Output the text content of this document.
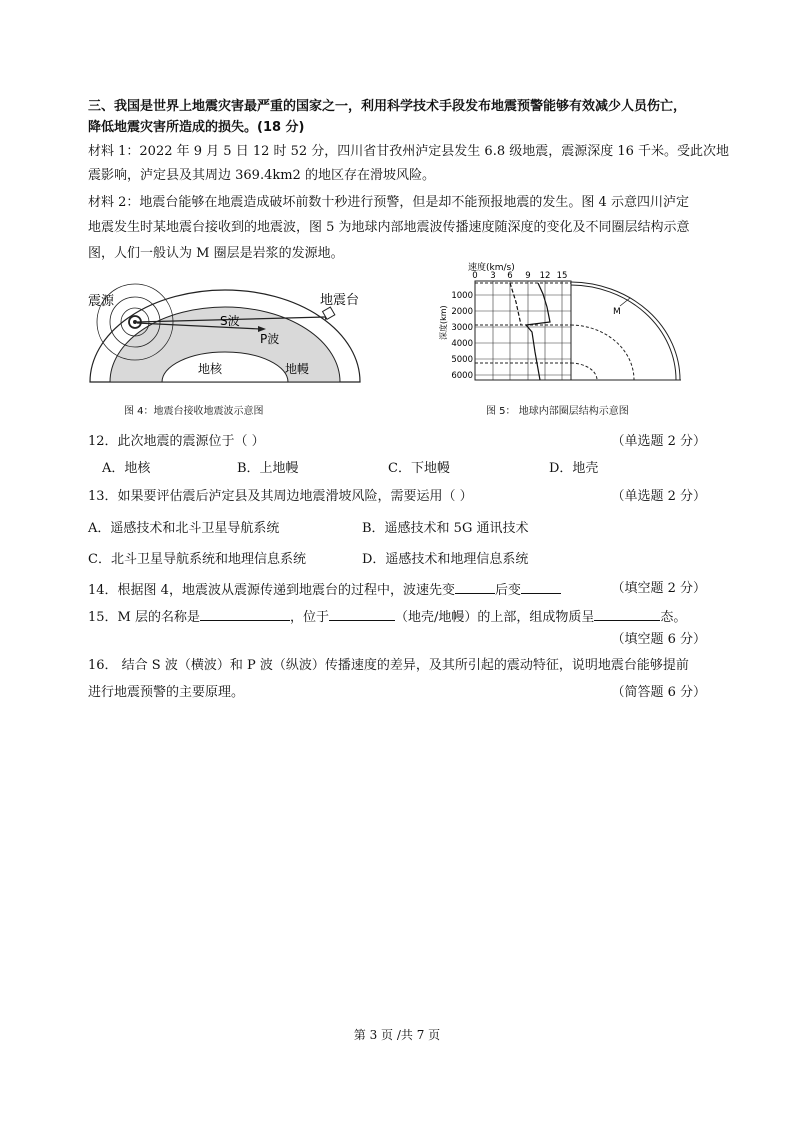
三、我国是世界上地震灾害最严重的国家之一，利用科学技术手段发布地震预警能够有效减少人员伤亡，
降低地震灾害所造成的损失。(18 分)
材料 1：2022 年 9 月 5 日 12 时 52 分，四川省甘孜州泸定县发生 6.8 级地震，震源深度 16 千米。受此次地
震影响，泸定县及其周边 369.4km2 的地区存在滑坡风险。
材料 2：地震台能够在地震造成破坏前数十秒进行预警，但是却不能预报地震的发生。图 4 示意四川泸定
地震发生时某地震台接收到的地震波，图 5 为地球内部地震波传播速度随深度的变化及不同圈层结构示意
图，人们一般认为 M 圈层是岩浆的发源地。
震源	地震台
S波
P波
地核	地幔
图 4：地震台接收地震波示意图
速度(km/s)
0 3 6 9 12 15
1000
2000
3000
4000
5000
6000
深度(km)	M
图 5： 地球内部圈层结构示意图
12．此次地震的震源位于（ ）	（单选题 2 分）
A．地核	B．上地幔	C．下地幔	D．地壳
13．如果要评估震后泸定县及其周边地震滑坡风险，需要运用（ ）	（单选题 2 分）
A．遥感技术和北斗卫星导航系统	B．遥感技术和 5G 通讯技术
C．北斗卫星导航系统和地理信息系统	D．遥感技术和地理信息系统
14．根据图 4，地震波从震源传递到地震台的过程中，波速先变	后变	（填空题 2 分）
15．M 层的名称是	，位于	（地壳/地幔）的上部，组成物质呈	态。
（填空题 6 分）
16． 结合 S 波（横波）和 P 波（纵波）传播速度的差异，及其所引起的震动特征，说明地震台能够提前
进行地震预警的主要原理。	（简答题 6 分）
第 3 页 /共 7 页
